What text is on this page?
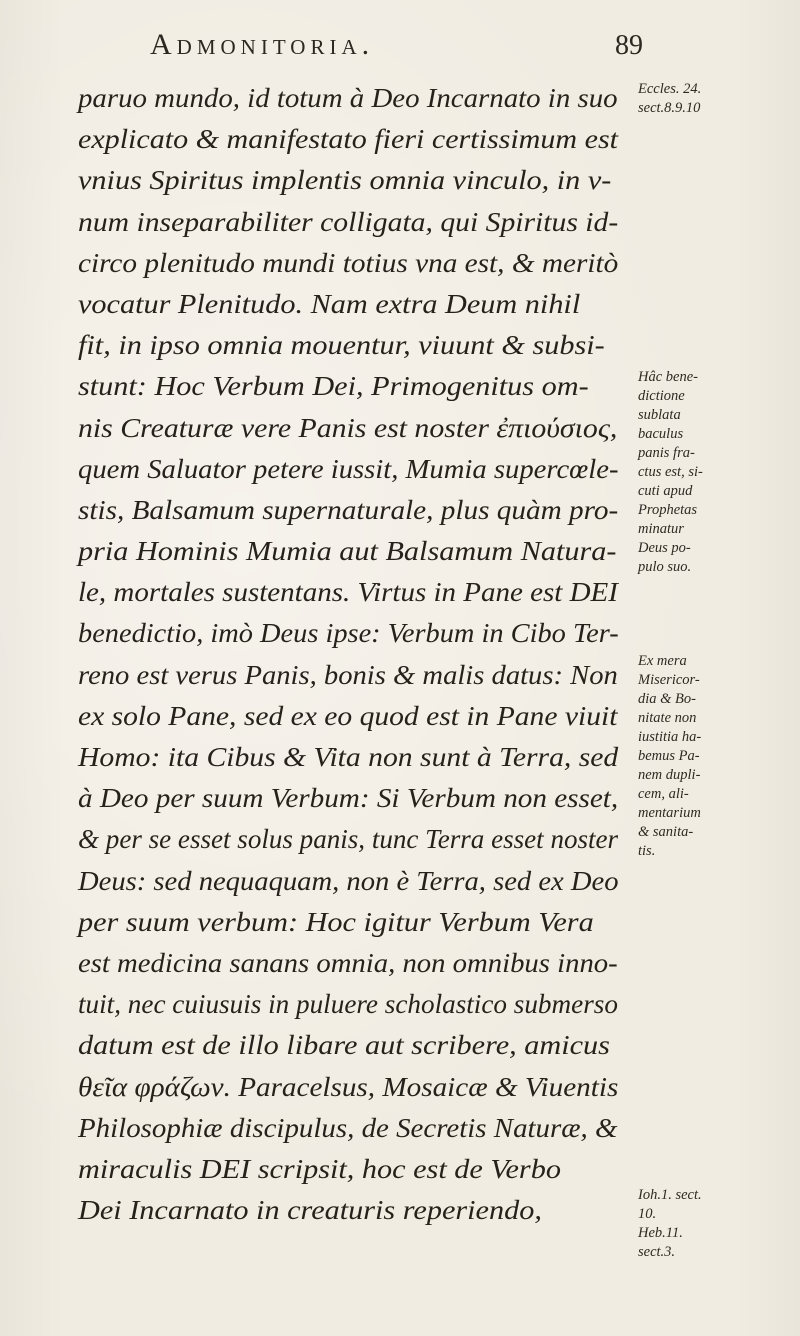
Admonitoria.	89
paruo mundo, id totum à Deo Incarnato in suo
explicato & manifestato fieri certissimum est
vnius Spiritus implentis omnia vinculo, in v-
num inseparabiliter colligata, qui Spiritus id-
circo plenitudo mundi totius vna est, & meritò
vocatur Plenitudo. Nam extra Deum nihil
fit, in ipso omnia mouentur, viuunt & subsi-
stunt: Hoc Verbum Dei, Primogenitus om-
nis Creaturæ vere Panis est noster ἐπιούσιος,
quem Saluator petere iussit, Mumia supercœle-
stis, Balsamum supernaturale, plus quàm pro-
pria Hominis Mumia aut Balsamum Natura-
le, mortales sustentans. Virtus in Pane est DEI
benedictio, imò Deus ipse: Verbum in Cibo Ter-
reno est verus Panis, bonis & malis datus: Non
ex solo Pane, sed ex eo quod est in Pane viuit
Homo: ita Cibus & Vita non sunt à Terra, sed
à Deo per suum Verbum: Si Verbum non esset,
& per se esset solus panis, tunc Terra esset noster
Deus: sed nequaquam, non è Terra, sed ex Deo
per suum verbum: Hoc igitur Verbum Vera
est medicina sanans omnia, non omnibus inno-
tuit, nec cuiusuis in puluere scholastico submerso
datum est de illo libare aut scribere, amicus
θεῖα φράζων. Paracelsus, Mosaicæ & Viuentis
Philosophiæ discipulus, de Secretis Naturæ, &
miraculis DEI scripsit, hoc est de Verbo
Dei Incarnato in creaturis reperiendo,
Eccles. 24.
sect.8.9.10
Hâc bene-
dictione
sublata
baculus
panis fra-
ctus est, si-
cuti apud
Prophetas
minatur
Deus po-
pulo suo.
Ex mera
Misericor-
dia & Bo-
nitate non
iustitia ha-
bemus Pa-
nem dupli-
cem, ali-
mentarium
& sanita-
tis.
Ioh.1. sect.
10.
Heb.11.
sect.3.
